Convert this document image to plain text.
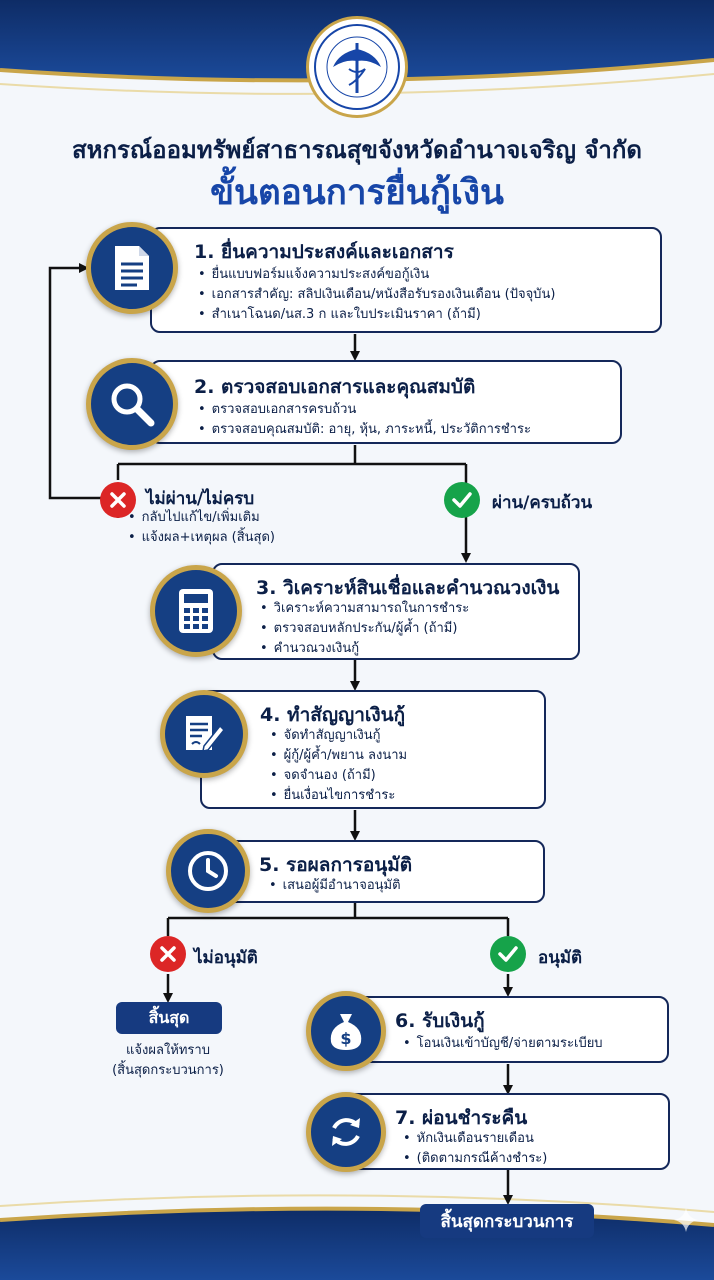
สหกรณ์ออมทรัพย์สาธารณสุขจังหวัดอำนาจเจริญ จำกัด
ขั้นตอนการยื่นกู้เงิน
1. ยื่นความประสงค์และเอกสาร
• ยื่นแบบฟอร์มแจ้งความประสงค์ขอกู้เงิน
• เอกสารสำคัญ: สลิปเงินเดือน/หนังสือรับรองเงินเดือน (ปัจจุบัน)
• สำเนาโฉนด/นส.3 ก และใบประเมินราคา (ถ้ามี)
2. ตรวจสอบเอกสารและคุณสมบัติ
• ตรวจสอบเอกสารครบถ้วน
• ตรวจสอบคุณสมบัติ: อายุ, หุ้น, ภาระหนี้, ประวัติการชำระ
ไม่ผ่าน/ไม่ครบ
• กลับไปแก้ไข/เพิ่มเติม
• แจ้งผล+เหตุผล (สิ้นสุด)
ผ่าน/ครบถ้วน
3. วิเคราะห์สินเชื่อและคำนวณวงเงิน
• วิเคราะห์ความสามารถในการชำระ
• ตรวจสอบหลักประกัน/ผู้ค้ำ (ถ้ามี)
• คำนวณวงเงินกู้
4. ทำสัญญาเงินกู้
• จัดทำสัญญาเงินกู้
• ผู้กู้/ผู้ค้ำ/พยาน ลงนาม
• จดจำนอง (ถ้ามี)
• ยื่นเงื่อนไขการชำระ
5. รอผลการอนุมัติ
• เสนอผู้มีอำนาจอนุมัติ
ไม่อนุมัติ	อนุมัติ
สิ้นสุด
แจ้งผลให้ทราบ
(สิ้นสุดกระบวนการ)
6. รับเงินกู้
• โอนเงินเข้าบัญชี/จ่ายตามระเบียบ
$
7. ผ่อนชำระคืน
• หักเงินเดือนรายเดือน
• (ติดตามกรณีค้างชำระ)
สิ้นสุดกระบวนการ
